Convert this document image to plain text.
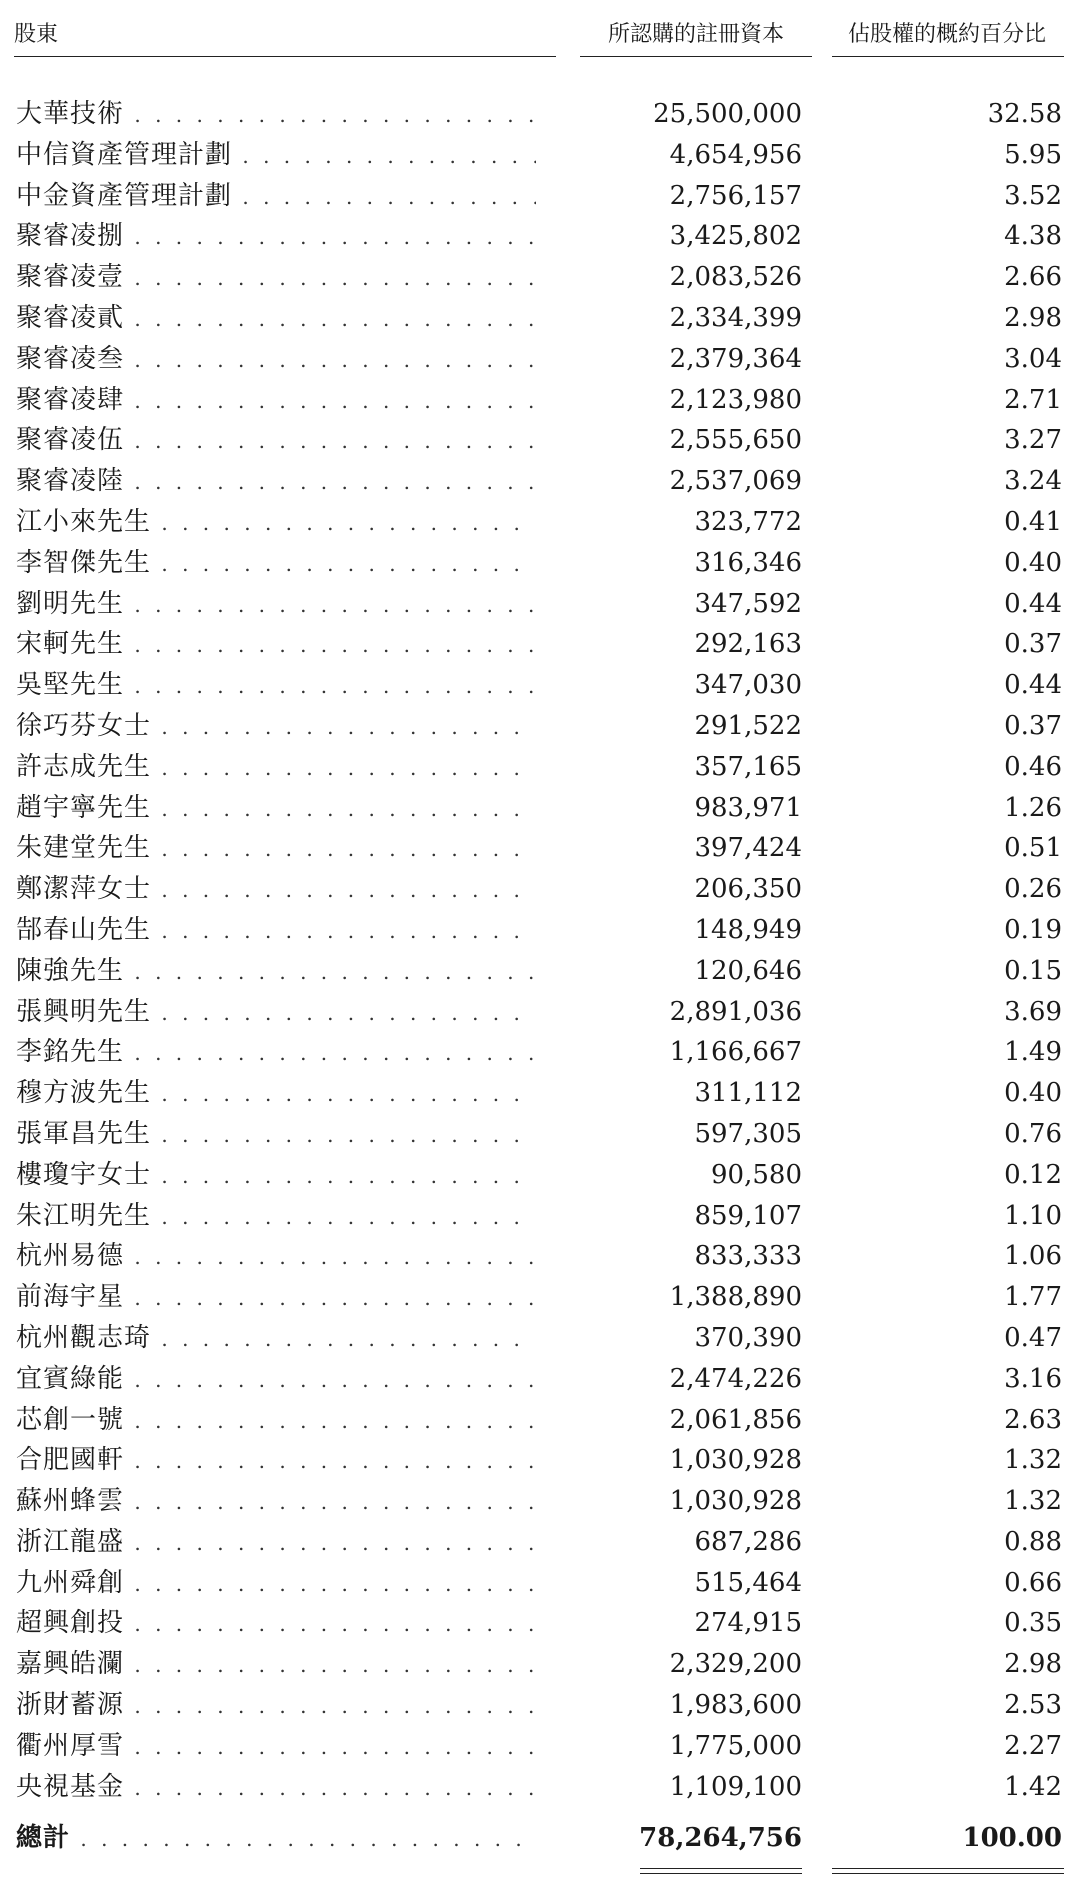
股東	所認購的註冊資本	佔股權的概約百分比
大華技術 . . .	25,500,000	32.58
中信資產管理計劃 . . .	4,654,956	5.95
中金資產管理計劃 . . .	2,756,157	3.52
聚睿凌捌 . . .	3,425,802	4.38
聚睿凌壹 . . .	2,083,526	2.66
聚睿凌貳 . . .	2,334,399	2.98
聚睿凌叁 . . .	2,379,364	3.04
聚睿凌肆 . . .	2,123,980	2.71
聚睿凌伍 . . .	2,555,650	3.27
聚睿凌陸 . . .	2,537,069	3.24
江小來先生 . . .	323,772	0.41
李智傑先生 . . .	316,346	0.40
劉明先生 . . .	347,592	0.44
宋軻先生 . . .	292,163	0.37
吳堅先生 . . .	347,030	0.44
徐巧芬女士 . . .	291,522	0.37
許志成先生 . . .	357,165	0.46
趙宇寧先生 . . .	983,971	1.26
朱建堂先生 . . .	397,424	0.51
鄭潔萍女士 . . .	206,350	0.26
郜春山先生 . . .	148,949	0.19
陳強先生 . . .	120,646	0.15
張興明先生 . . .	2,891,036	3.69
李銘先生 . . .	1,166,667	1.49
穆方波先生 . . .	311,112	0.40
張軍昌先生 . . .	597,305	0.76
樓瓊宇女士 . . .	90,580	0.12
朱江明先生 . . .	859,107	1.10
杭州易德 . . .	833,333	1.06
前海宇星 . . .	1,388,890	1.77
杭州觀志琦 . . .	370,390	0.47
宜賓綠能 . . .	2,474,226	3.16
芯創一號 . . .	2,061,856	2.63
合肥國軒 . . .	1,030,928	1.32
蘇州蜂雲 . . .	1,030,928	1.32
浙江龍盛 . . .	687,286	0.88
九州舜創 . . .	515,464	0.66
超興創投 . . .	274,915	0.35
嘉興皓瀾 . . .	2,329,200	2.98
浙財蓄源 . . .	1,983,600	2.53
衢州厚雪 . . .	1,775,000	2.27
央視基金 . . .	1,109,100	1.42
總計 . . .	78,264,756	100.00
